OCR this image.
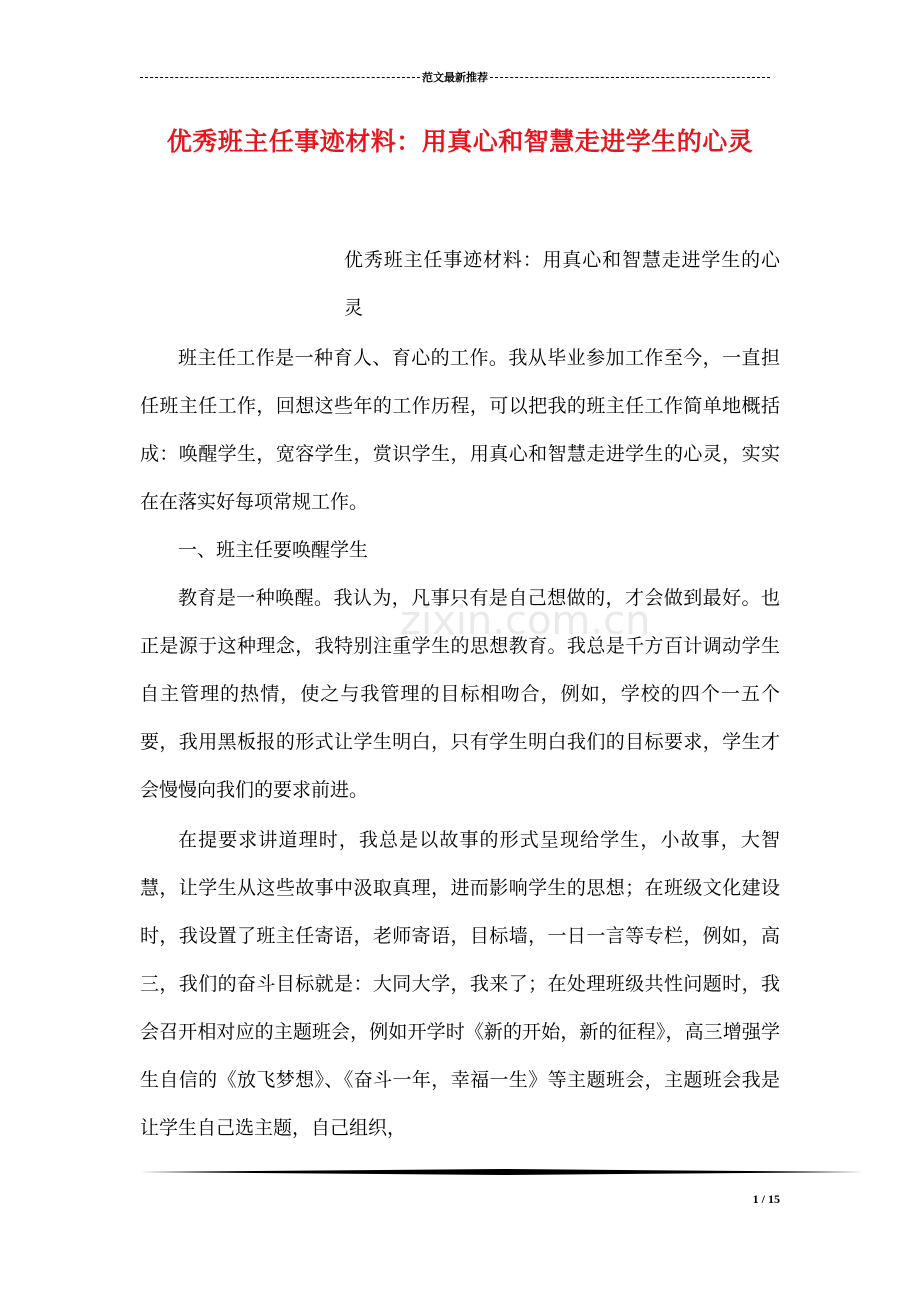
范文最新推荐
优秀班主任事迹材料：用真心和智慧走进学生的心灵
zixin.com.cn

优秀班主任事迹材料：用真心和智慧走进学生的心灵

班主任工作是一种育人、育心的工作。我从毕业参加工作至今，一直担任班主任工作，回想这些年的工作历程，可以把我的班主任工作简单地概括成：唤醒学生，宽容学生，赏识学生，用真心和智慧走进学生的心灵，实实在在落实好每项常规工作。

一、班主任要唤醒学生

教育是一种唤醒。我认为，凡事只有是自己想做的，才会做到最好。也正是源于这种理念，我特别注重学生的思想教育。我总是千方百计调动学生自主管理的热情，使之与我管理的目标相吻合，例如，学校的四个一五个要，我用黑板报的形式让学生明白，只有学生明白我们的目标要求，学生才会慢慢向我们的要求前进。

在提要求讲道理时，我总是以故事的形式呈现给学生，小故事，大智慧，让学生从这些故事中汲取真理，进而影响学生的思想；在班级文化建设时，我设置了班主任寄语，老师寄语，目标墙，一日一言等专栏，例如，高三，我们的奋斗目标就是：大同大学，我来了；在处理班级共性问题时，我会召开相对应的主题班会，例如开学时《新的开始，新的征程》，高三增强学生自信的《放飞梦想》、《奋斗一年，幸福一生》等主题班会，主题班会我是让学生自己选主题，自己组织，

1 / 15
